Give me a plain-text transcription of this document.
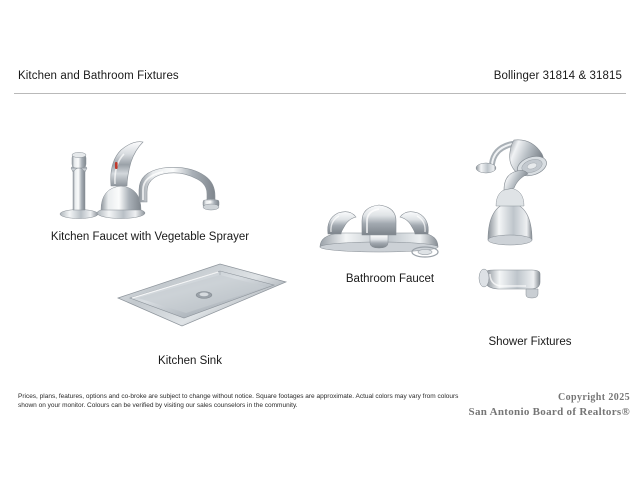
Kitchen and Bathroom Fixtures	Bollinger 31814 & 31815
Kitchen Faucet with Vegetable Sprayer
Bathroom Faucet
Shower Fixtures
Kitchen Sink
Prices, plans, features, options and co-broke are subject to change without notice. Square footages are approximate. Actual colors may vary from colours shown on your monitor. Colours can be verified by visiting our sales counselors in the community.
Copyright 2025
San Antonio Board of Realtors®
